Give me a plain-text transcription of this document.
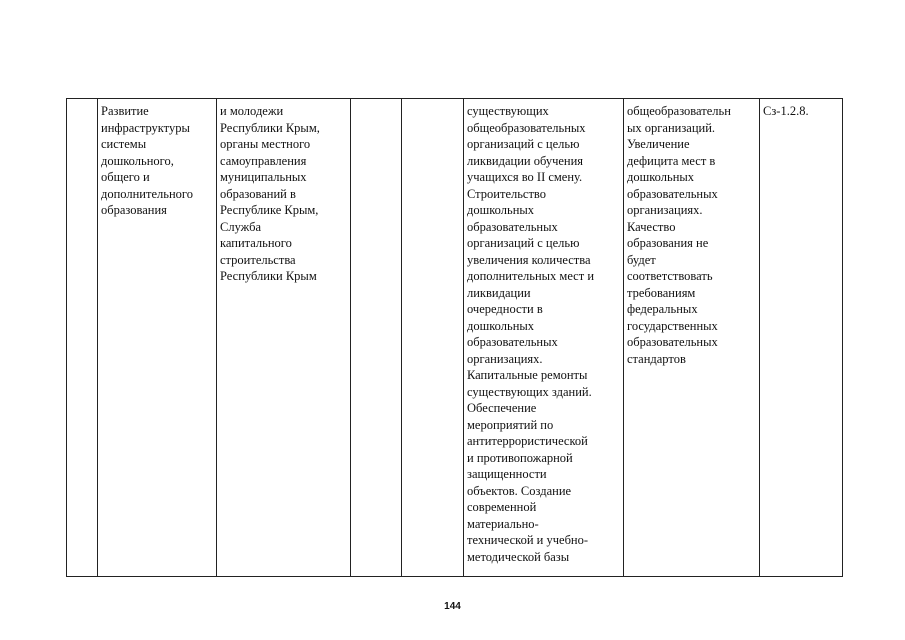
	Развитие
инфраструктуры
системы
дошкольного,
общего и
дополнительного
образования	и молодежи
Республики Крым,
органы местного
самоуправления
муниципальных
образований в
Республике Крым,
Служба
капитального
строительства
Республики Крым			существующих
общеобразовательных
организаций с целью
ликвидации обучения
учащихся во II смену.
Строительство
дошкольных
образовательных
организаций с целью
увеличения количества
дополнительных мест и
ликвидации
очередности в
дошкольных
образовательных
организациях.
Капитальные ремонты
существующих зданий.
Обеспечение
мероприятий по
антитеррористической
и противопожарной
защищенности
объектов. Создание
современной
материально-
технической и учебно-
методической базы	общеобразовательн
ых организаций.
Увеличение
дефицита мест в
дошкольных
образовательных
организациях.
Качество
образования не
будет
соответствовать
требованиям
федеральных
государственных
образовательных
стандартов	Сз-1.2.8.
144
